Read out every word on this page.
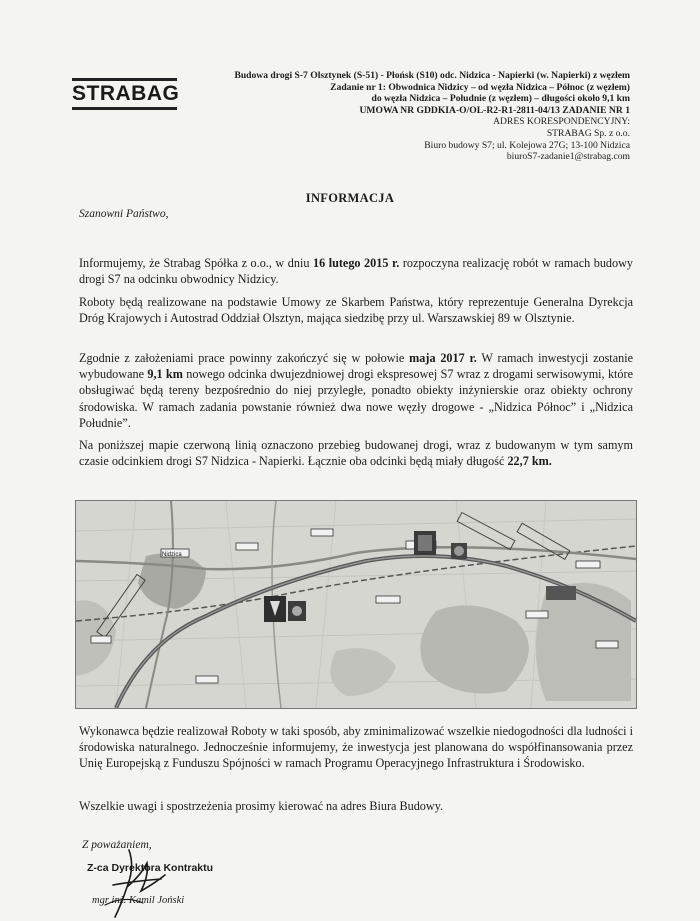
STRABAG
Budowa drogi S-7 Olsztynek (S-51) - Płońsk (S10) odc. Nidzica - Napierki (w. Napierki) z węzłem
Zadanie nr 1: Obwodnica Nidzicy – od węzła Nidzica – Północ (z węzłem)
do węzła Nidzica – Południe (z węzłem) – długości około 9,1 km
UMOWA NR GDDKIA-O/OL-R2-R1-2811-04/13 ZADANIE NR 1
ADRES KORESPONDENCYJNY:
STRABAG Sp. z o.o.
Biuro budowy S7; ul. Kolejowa 27G; 13-100 Nidzica
biuroS7-zadanie1@strabag.com
INFORMACJA
Szanowni Państwo,

Informujemy, że Strabag Spółka z o.o., w dniu 16 lutego 2015 r. rozpoczyna realizację robót w ramach budowy drogi S7 na odcinku obwodnicy Nidzicy.

Roboty będą realizowane na podstawie Umowy ze Skarbem Państwa, który reprezentuje Generalna Dyrekcja Dróg Krajowych i Autostrad Oddział Olsztyn, mająca siedzibę przy ul. Warszawskiej 89 w Olsztynie.

Zgodnie z założeniami prace powinny zakończyć się w połowie maja 2017 r. W ramach inwestycji zostanie wybudowane 9,1 km nowego odcinka dwujezdniowej drogi ekspresowej S7 wraz z drogami serwisowymi, które obsługiwać będą tereny bezpośrednio do niej przyległe, ponadto obiekty inżynierskie oraz obiekty ochrony środowiska. W ramach zadania powstanie również dwa nowe węzły drogowe - „Nidzica Północ” i „Nidzica Południe”.

Na poniższej mapie czerwoną linią oznaczono przebieg budowanej drogi, wraz z budowanym w tym samym czasie odcinkiem drogi S7 Nidzica - Napierki. Łącznie oba odcinki będą miały długość 22,7 km.

Nidzica

Wykonawca będzie realizował Roboty w taki sposób, aby zminimalizować wszelkie niedogodności dla ludności i środowiska naturalnego. Jednocześnie informujemy, że inwestycja jest planowana do współfinansowania przez Unię Europejską z Funduszu Spójności w ramach Programu Operacyjnego Infrastruktura i Środowisko.

Wszelkie uwagi i spostrzeżenia prosimy kierować na adres Biura Budowy.

Z poważaniem,
Z-ca Dyrektora Kontraktu
mgr inż. Kamil Joński
